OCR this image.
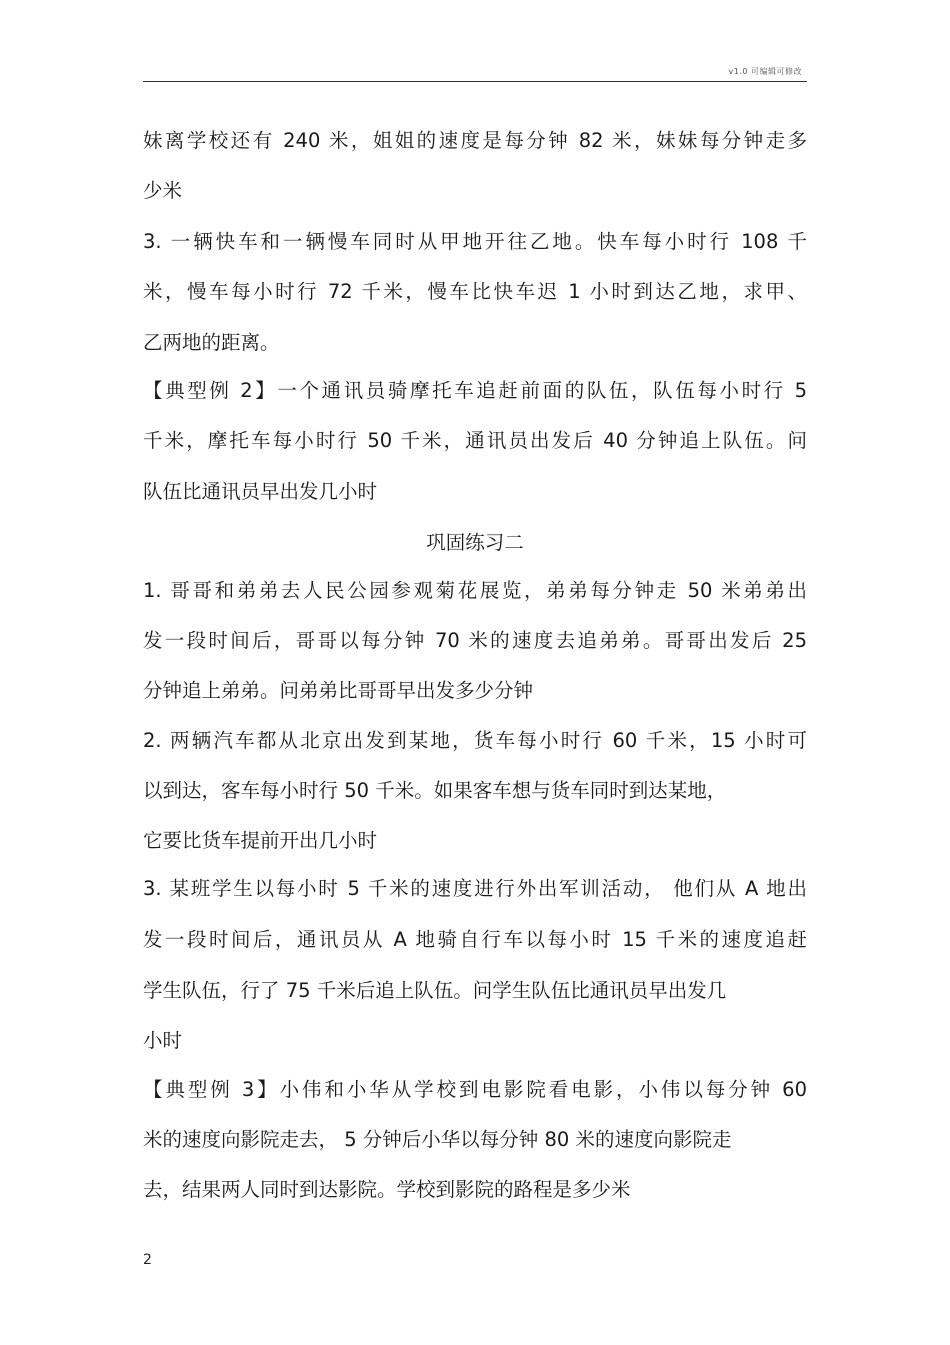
v1.0 可编辑可修改
妹离学校还有 240 米，姐姐的速度是每分钟 82 米，妹妹每分钟走多
少米
3. 一辆快车和一辆慢车同时从甲地开往乙地。快车每小时行 108 千
米，慢车每小时行 72 千米，慢车比快车迟 1 小时到达乙地，求甲、
乙两地的距离。
【典型例 2】一个通讯员骑摩托车追赶前面的队伍，队伍每小时行 5
千米，摩托车每小时行 50 千米，通讯员出发后 40 分钟追上队伍。问
队伍比通讯员早出发几小时
巩固练习二
1. 哥哥和弟弟去人民公园参观菊花展览，弟弟每分钟走 50 米弟弟出
发一段时间后，哥哥以每分钟 70 米的速度去追弟弟。哥哥出发后 25
分钟追上弟弟。问弟弟比哥哥早出发多少分钟
2. 两辆汽车都从北京出发到某地，货车每小时行 60 千米，15 小时可
以到达，客车每小时行 50 千米。如果客车想与货车同时到达某地，
它要比货车提前开出几小时
3. 某班学生以每小时 5 千米的速度进行外出军训活动， 他们从 A 地出
发一段时间后，通讯员从 A 地骑自行车以每小时 15 千米的速度追赶
学生队伍，行了 75 千米后追上队伍。问学生队伍比通讯员早出发几
小时
【典型例 3】小伟和小华从学校到电影院看电影，小伟以每分钟 60
米的速度向影院走去， 5 分钟后小华以每分钟 80 米的速度向影院走
去，结果两人同时到达影院。学校到影院的路程是多少米
2
